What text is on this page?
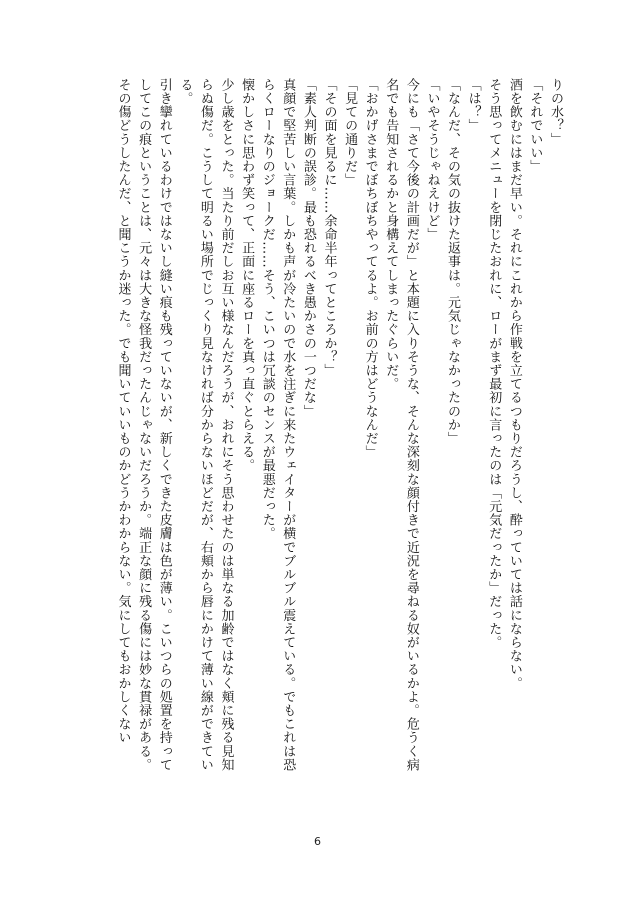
りの水？」

「それでいい」

酒を飲むにはまだ早い。それにこれから作戦を立てるつもりだろうし、酔っていては話にならない。

そう思ってメニューを閉じたおれに、ローがまず最初に言ったのは「元気だったか」だった。

「は？」

「なんだ、その気の抜けた返事は。元気じゃなかったのか」

「いやそうじゃねえけど」

今にも「さて今後の計画だが」と本題に入りそうな、そんな深刻な顔付きで近況を尋ねる奴がいるかよ。危うく病名でも告知されるかと身構えてしまったぐらいだ。

「おかげさまでぼちぼちやってるよ。お前の方はどうなんだ」

「見ての通りだ」

「その面を見るに……余命半年ってところか？」

「素人判断の誤診。最も恐れるべき愚かさの一つだな」

真顔で堅苦しい言葉。しかも声が冷たいので水を注ぎに来たウェイターが横でブルブル震えている。でもこれは恐らくローなりのジョークだ……そう、こいつは冗談のセンスが最悪だった。

懐かしさに思わず笑って、正面に座るローを真っ直ぐとらえる。

少し歳をとった。当たり前だしお互い様なんだろうが、おれにそう思わせたのは単なる加齢ではなく頬に残る見知らぬ傷だ。こうして明るい場所でじっくり見なければ分からないほどだが、右頬から唇にかけて薄い線ができている。

引き攣れているわけではないし縫い痕も残っていないが、新しくできた皮膚は色が薄い。こいつらの処置を持ってしてこの痕ということは、元々は大きな怪我だったんじゃないだろうか。端正な顔に残る傷には妙な貫禄がある。

その傷どうしたんだ、と聞こうか迷った。でも聞いていいものかどうかわからない。気にしてもおかしくない

6
